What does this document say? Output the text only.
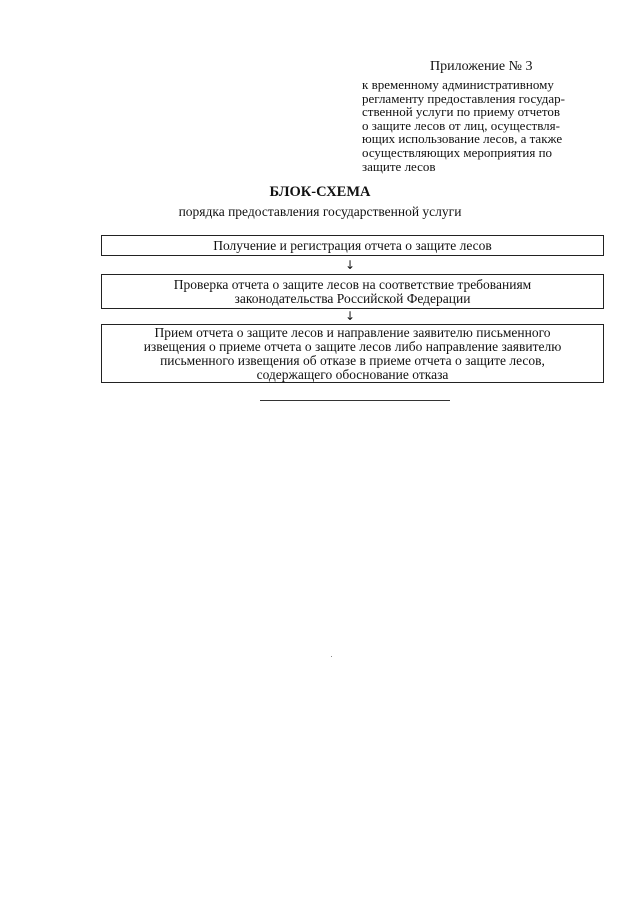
Приложение № 3
к временному административному
регламенту предоставления государ-
ственной услуги по приему отчетов
о защите лесов от лиц, осуществля-
ющих использование лесов, а также
осуществляющих мероприятия по
защите лесов
БЛОК-СХЕМА
порядка предоставления государственной услуги
Получение и регистрация отчета о защите лесов
↓
Проверка отчета о защите лесов на соответствие требованиям
законодательства Российской Федерации
↓
Прием отчета о защите лесов и направление заявителю письменного
извещения о приеме отчета о защите лесов либо направление заявителю
письменного извещения об отказе в приеме отчета о защите лесов,
содержащего обоснование отказа
